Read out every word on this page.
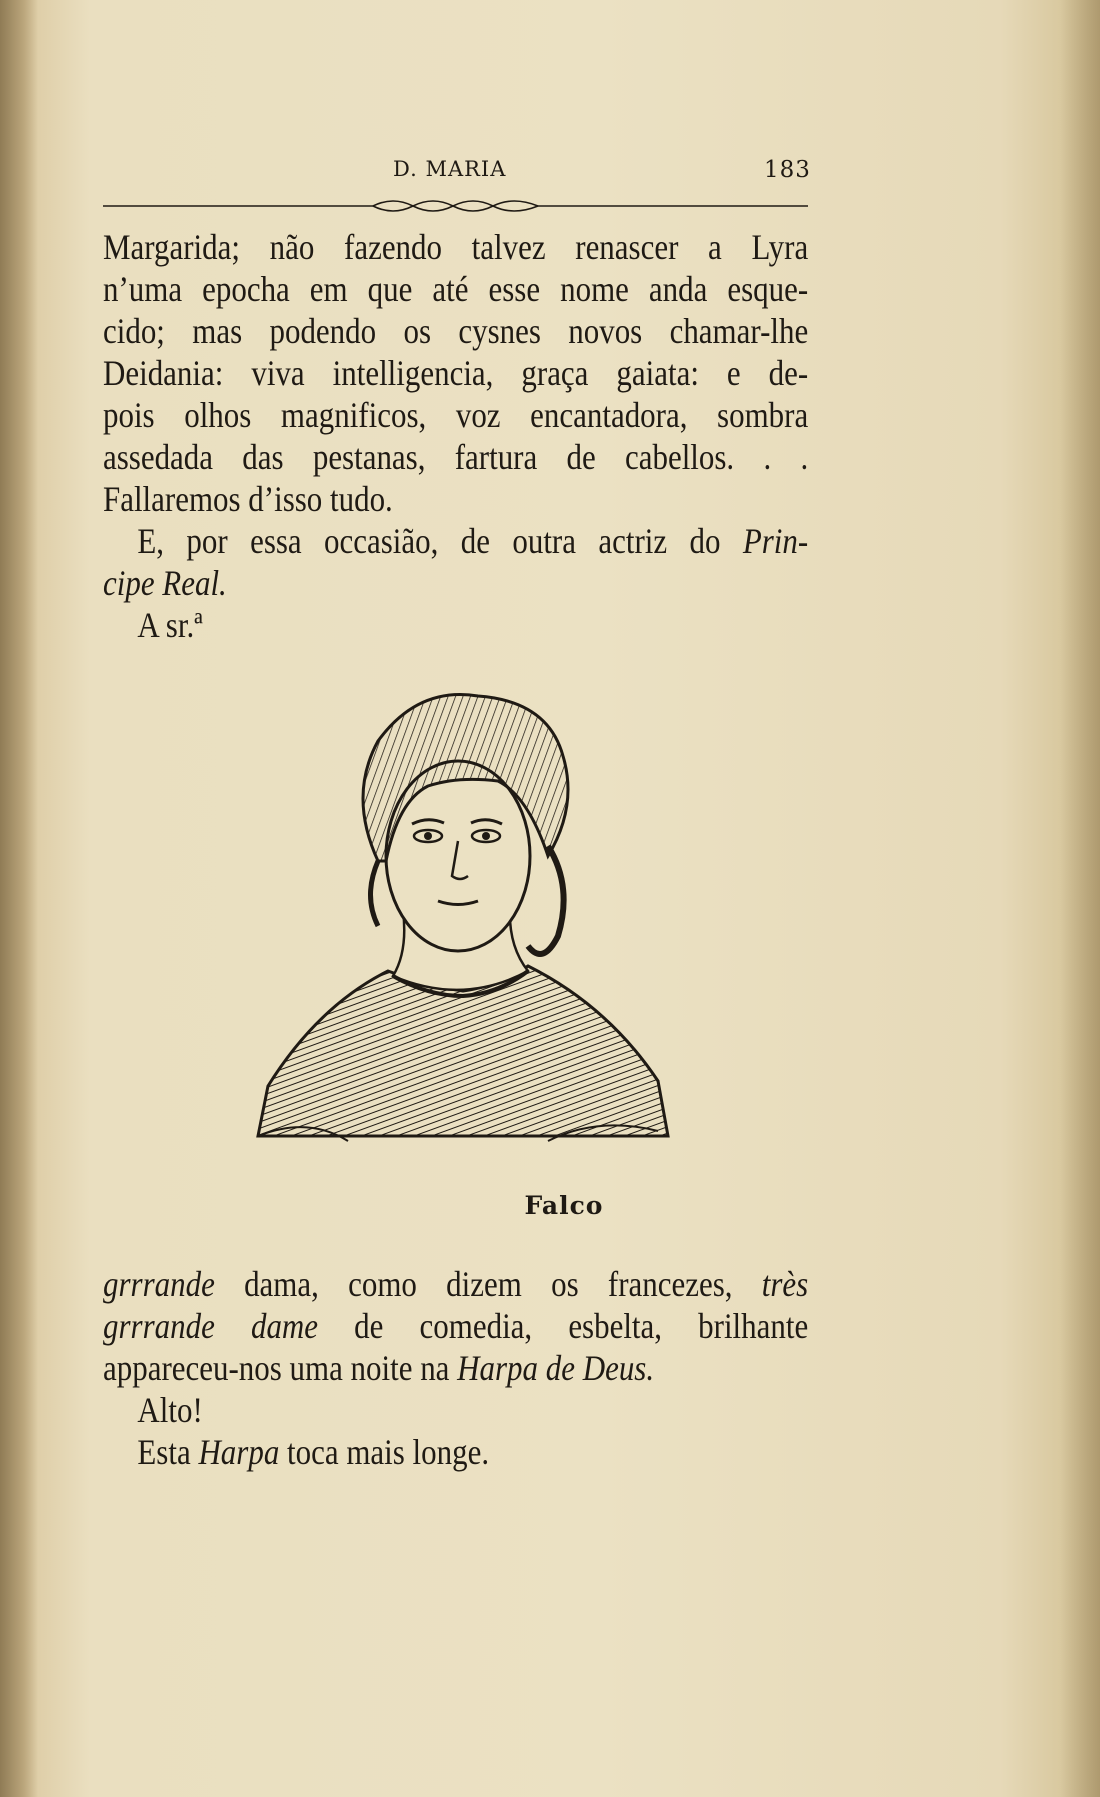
D. MARIA	183
Margarida; não fazendo talvez renascer a Lyra
n’uma epocha em que até esse nome anda esque-
cido; mas podendo os cysnes novos chamar-lhe
Deidania: viva intelligencia, graça gaiata: e de-
pois olhos magnificos, voz encantadora, sombra
assedada das pestanas, fartura de cabellos. . .
Fallaremos d’isso tudo.
E, por essa occasião, de outra actriz do Prin-
cipe Real.
A sr.ª
Falco
grrrande dama, como dizem os francezes, très
grrrande dame de comedia, esbelta, brilhante
appareceu-nos uma noite na Harpa de Deus.
Alto!
Esta Harpa toca mais longe.
